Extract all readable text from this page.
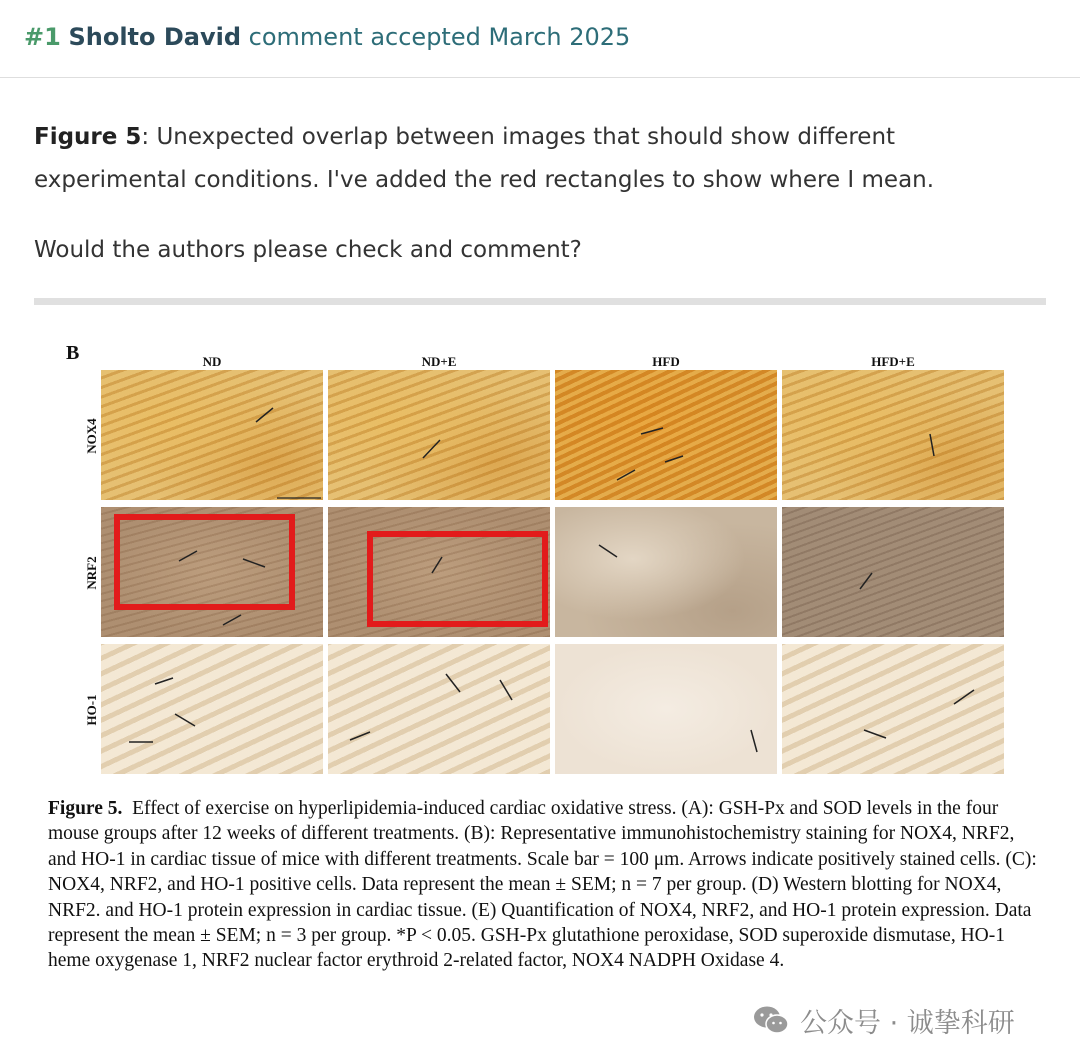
#1 Sholto David comment accepted March 2025

Figure 5: Unexpected overlap between images that should show different experimental conditions. I've added the red rectangles to show where I mean.

Would the authors please check and comment?

B	ND	ND+E	HFD	HFD+E
NOX4
NRF2
HO-1
Figure 5. Effect of exercise on hyperlipidemia-induced cardiac oxidative stress. (A): GSH-Px and SOD levels in the four mouse groups after 12 weeks of different treatments. (B): Representative immunohistochemistry staining for NOX4, NRF2, and HO-1 in cardiac tissue of mice with different treatments. Scale bar = 100 μm. Arrows indicate positively stained cells. (C): NOX4, NRF2, and HO-1 positive cells. Data represent the mean ± SEM; n = 7 per group. (D) Western blotting for NOX4, NRF2. and HO-1 protein expression in cardiac tissue. (E) Quantification of NOX4, NRF2, and HO-1 protein expression. Data represent the mean ± SEM; n = 3 per group. *P < 0.05. GSH-Px glutathione peroxidase, SOD superoxide dismutase, HO-1 heme oxygenase 1, NRF2 nuclear factor erythroid 2-related factor, NOX4 NADPH Oxidase 4.
公众号 · 诚挚科研
